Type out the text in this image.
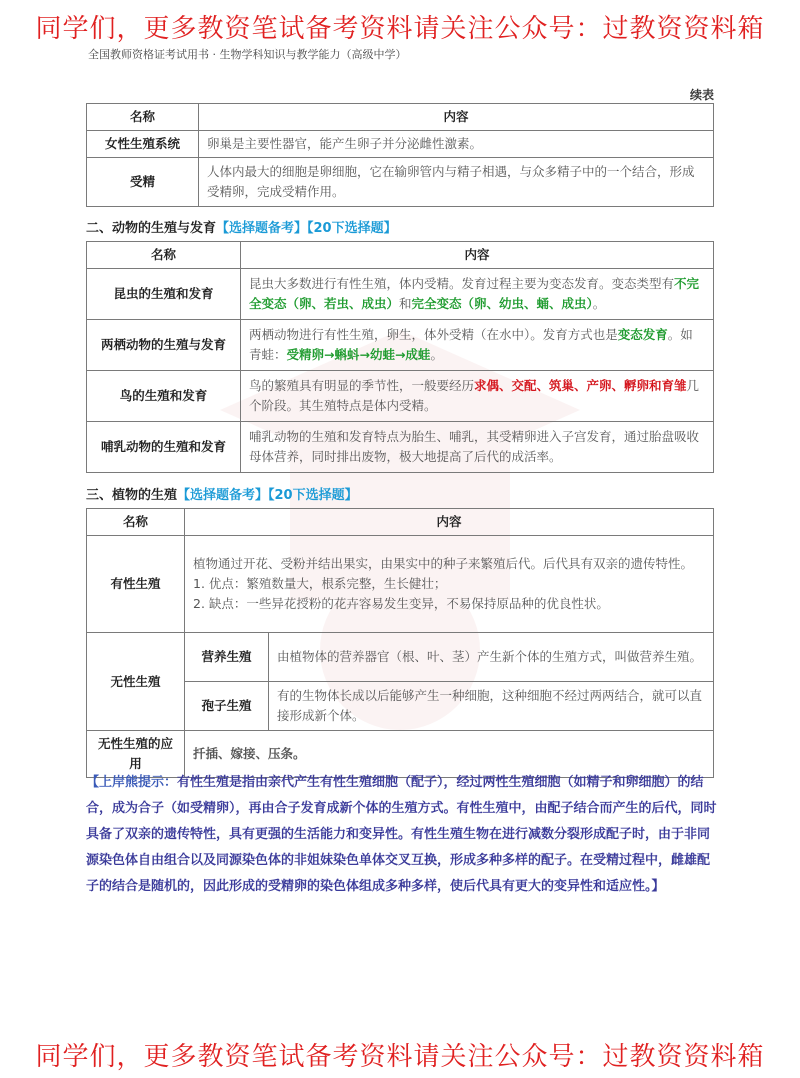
同学们，更多教资笔试备考资料请关注公众号：过教资资料箱
全国教师资格证考试用书 · 生物学科知识与教学能力（高级中学）
续表
名称	内容
女性生殖系统	卵巢是主要性器官，能产生卵子并分泌雌性激素。
受精	人体内最大的细胞是卵细胞，它在输卵管内与精子相遇，与众多精子中的一个结合，形成受精卵，完成受精作用。
二、动物的生殖与发育【选择题备考】【20下选择题】
名称	内容
昆虫的生殖和发育	昆虫大多数进行有性生殖，体内受精。发育过程主要为变态发育。变态类型有不完全变态（卵、若虫、成虫）和完全变态（卵、幼虫、蛹、成虫）。
两栖动物的生殖与发育	两栖动物进行有性生殖，卵生，体外受精（在水中）。发育方式也是变态发育。如青蛙：受精卵→蝌蚪→幼蛙→成蛙。
鸟的生殖和发育	鸟的繁殖具有明显的季节性，一般要经历求偶、交配、筑巢、产卵、孵卵和育雏几个阶段。其生殖特点是体内受精。
哺乳动物的生殖和发育	哺乳动物的生殖和发育特点为胎生、哺乳，其受精卵进入子宫发育，通过胎盘吸收母体营养，同时排出废物，极大地提高了后代的成活率。
三、植物的生殖【选择题备考】【20下选择题】
名称	内容	
有性生殖	植物通过开花、受粉并结出果实，由果实中的种子来繁殖后代。后代具有双亲的遗传特性。
1. 优点：繁殖数量大，根系完整，生长健壮；
2. 缺点：一些异花授粉的花卉容易发生变异，不易保持原品种的优良性状。	

无性生殖	营养生殖	由植物体的营养器官（根、叶、茎）产生新个体的生殖方式，叫做营养生殖。
	孢子生殖	有的生物体长成以后能够产生一种细胞，这种细胞不经过两两结合，就可以直接形成新个体。
无性生殖的应用	扦插、嫁接、压条。	
【上岸熊提示：有性生殖是指由亲代产生有性生殖细胞（配子），经过两性生殖细胞（如精子和卵细胞）的结合，成为合子（如受精卵），再由合子发育成新个体的生殖方式。有性生殖中，由配子结合而产生的后代，同时具备了双亲的遗传特性，具有更强的生活能力和变异性。有性生殖生物在进行减数分裂形成配子时，由于非同源染色体自由组合以及同源染色体的非姐妹染色单体交叉互换，形成多种多样的配子。在受精过程中，雌雄配子的结合是随机的，因此形成的受精卵的染色体组成多种多样，使后代具有更大的变异性和适应性。】
同学们，更多教资笔试备考资料请关注公众号：过教资资料箱
